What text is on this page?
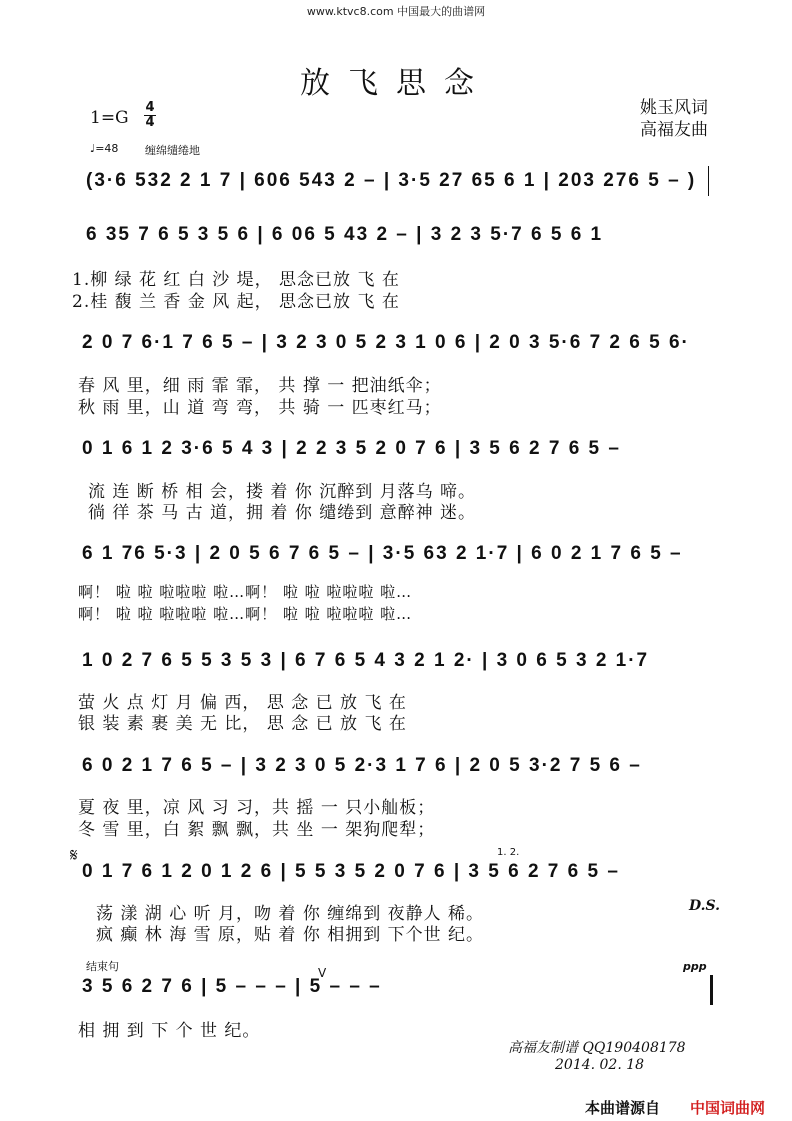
www.ktvc8.com 中国最大的曲谱网
放飞思念
姚玉风词
高福友曲
1=G
4
4
♩=48 缠绵缱绻地
(3·6 532 2 1 7 | 606 543 2 – | 3·5 27 65 6 1 | 203 276 5 – )
6 35 7 6 5 3 5 6 | 6 06 5 43 2 – | 3 2 3 5·7 6 5 6 1
1.柳 绿 花 红 白 沙 堤， 思念已放 飞 在
2.桂 馥 兰 香 金 风 起， 思念已放 飞 在
2 0 7 6·1 7 6 5 – | 3 2 3 0 5 2 3 1 0 6 | 2 0 3 5·6 7 2 6 5 6·
春 风 里，细 雨 霏 霏， 共 撑 一 把油纸伞；
秋 雨 里，山 道 弯 弯， 共 骑 一 匹枣红马；
0 1 6 1 2 3·6 5 4 3 | 2 2 3 5 2 0 7 6 | 3 5 6 2 7 6 5 –
流 连 断 桥 相 会，搂 着 你 沉醉到 月落乌 啼。
徜 徉 茶 马 古 道，拥 着 你 缱绻到 意醉神 迷。
6 1 76 5·3 | 2 0 5 6 7 6 5 – | 3·5 63 2 1·7 | 6 0 2 1 7 6 5 –
啊！ 啦 啦 啦啦啦 啦…啊！ 啦 啦 啦啦啦 啦…
啊！ 啦 啦 啦啦啦 啦…啊！ 啦 啦 啦啦啦 啦…
1 0 2 7 6 5 5 3 5 3 | 6 7 6 5 4 3 2 1 2· | 3 0 6 5 3 2 1·7
萤 火 点 灯 月 偏 西， 思 念 已 放 飞 在
银 装 素 裹 美 无 比， 思 念 已 放 飞 在
6 0 2 1 7 6 5 – | 3 2 3 0 5 2·3 1 7 6 | 2 0 5 3·2 7 5 6 –
夏 夜 里，凉 风 习 习，共 摇 一 只小舢板；
冬 雪 里，白 絮 飘 飘，共 坐 一 架狗爬犁；
𝄋	1. 2.
0 1 7 6 1 2 0 1 2 6 | 5 5 3 5 2 0 7 6 | 3 5 6 2 7 6 5 –
荡 漾 湖 心 听 月，吻 着 你 缠绵到 夜静人 稀。
疯 癫 林 海 雪 原，贴 着 你 相拥到 下个世 纪。
D.S.
结束句	ppp
3 5 6 2 7 6 | 5 – – – | 5 – – –
相 拥 到 下 个 世 纪。
V
高福友制谱 QQ190408178
2014. 02. 18
本曲谱源自 中国词曲网
